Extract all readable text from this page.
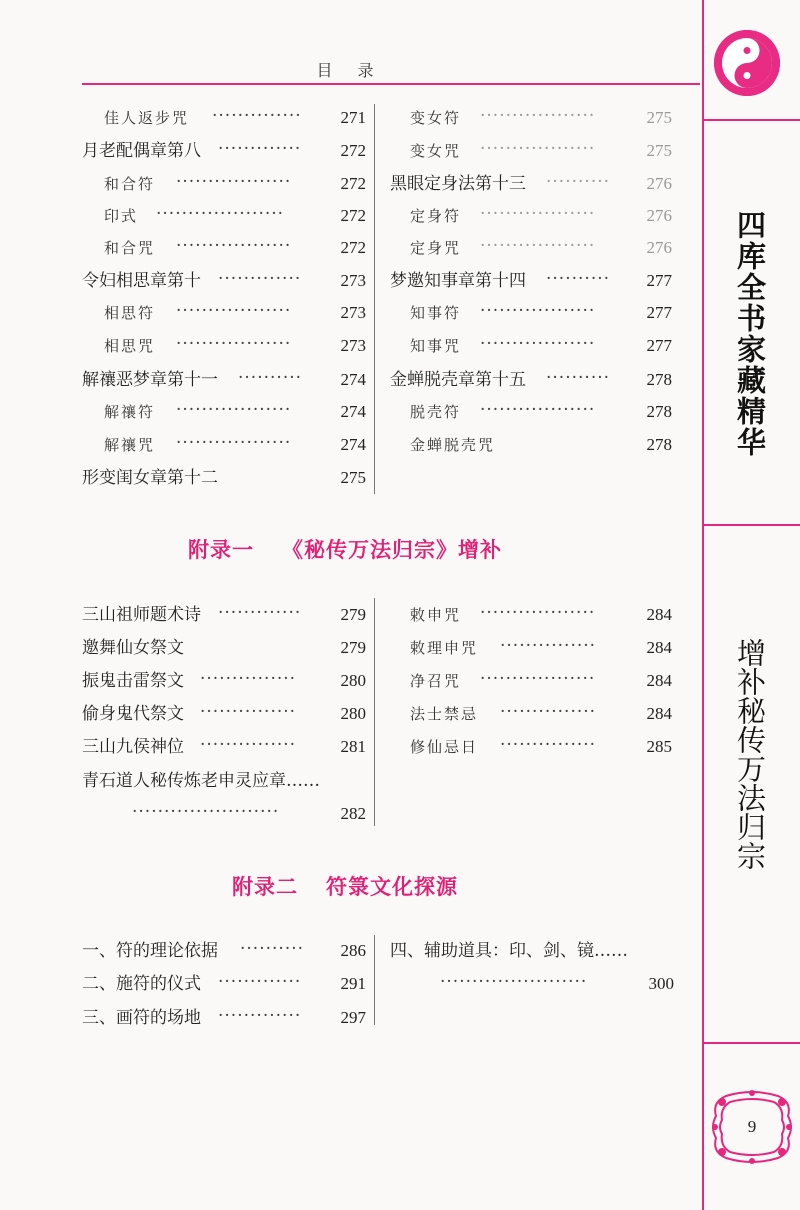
目 录
佳人返步咒 ··············	271
月老配偶章第八 ·············	272
和合符 ··················	272
印式 ····················	272
和合咒 ··················	272
令妇相思章第十 ·············	273
相思符 ··················	273
相思咒 ··················	273
解禳恶梦章第十一 ··········	274
解禳符 ··················	274
解禳咒 ··················	274
形变闺女章第十二	275
变女符 ··················	275
变女咒 ··················	275
黑眼定身法第十三 ··········	276
定身符 ··················	276
定身咒 ··················	276
梦邀知事章第十四 ··········	277
知事符 ··················	277
知事咒 ··················	277
金蝉脱壳章第十五 ··········	278
脱壳符 ··················	278
金蝉脱壳咒	278
附录一 《秘传万法归宗》增补
三山祖师题术诗 ·············	279
邀舞仙女祭文	279
振鬼击雷祭文 ···············	280
偷身鬼代祭文 ···············	280
三山九侯神位 ···············	281
青石道人秘传炼老申灵应章……
·······················	282
敕申咒 ··················	284
敕理申咒 ···············	284
净召咒 ··················	284
法士禁忌 ···············	284
修仙忌日 ···············	285
附录二 符箓文化探源
一、符的理论依据 ··········	286
二、施符的仪式 ·············	291
三、画符的场地 ·············	297
四、辅助道具：印、剑、镜……
·······················	300
四库全书家藏精华
增补秘传万法归宗
9
